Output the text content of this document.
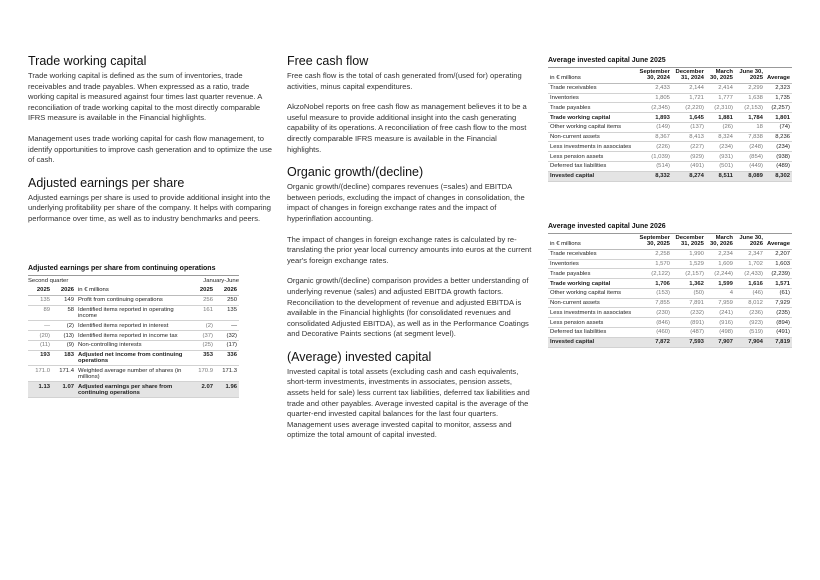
Trade working capital

Trade working capital is defined as the sum of inventories, trade receivables and trade payables. When expressed as a ratio, trade working capital is measured against four times last quarter revenue. A reconciliation of trade working capital to the most directly comparable IFRS measure is available in the Financial highlights.

Management uses trade working capital for cash flow management, to identify opportunities to improve cash generation and to optimize the use of cash.

Adjusted earnings per share

Adjusted earnings per share is used to provide additional insight into the underlying profitability per share of the company. It helps with comparing performance over time, as well as to industry benchmarks and peers.

Adjusted earnings per share from continuing operations
Second quarter			January-June	
2025	2026	in € millions	2025	2026
135	149	Profit from continuing operations	256	250
89	58	Identified items reported in operating income	161	135
—	(2)	Identified items reported in interest	(2)	—
(20)	(13)	Identified items reported in income tax	(37)	(32)
(11)	(9)	Non-controlling interests	(25)	(17)
193	183	Adjusted net income from continuing operations	353	336
171.0	171.4	Weighted average number of shares (in millions)	170.9	171.3
1.13	1.07	Adjusted earnings per share from continuing operations	2.07	1.96
Free cash flow

Free cash flow is the total of cash generated from/(used for) operating activities, minus capital expenditures.

AkzoNobel reports on free cash flow as management believes it to be a useful measure to provide additional insight into the cash generating capability of its operations. A reconciliation of free cash flow to the most directly comparable IFRS measure is available in the Financial highlights.

Organic growth/(decline)

Organic growth/(decline) compares revenues (=sales) and EBITDA between periods, excluding the impact of changes in consolidation, the impact of changes in foreign exchange rates and the impact of hyperinflation accounting.

The impact of changes in foreign exchange rates is calculated by re-translating the prior year local currency amounts into euros at the current year's foreign exchange rates.

Organic growth/(decline) comparison provides a better understanding of underlying revenue (sales) and adjusted EBITDA growth factors. Reconciliation to the development of revenue and adjusted EBITDA is available in the Financial highlights (for consolidated revenues and consolidated Adjusted EBITDA), as well as in the Performance Coatings and Decorative Paints sections (at segment level).

(Average) invested capital

Invested capital is total assets (excluding cash and cash equivalents, short-term investments, investments in associates, pension assets, assets held for sale) less current tax liabilities, deferred tax liabilities and trade and other payables. Average invested capital is the average of the quarter-end invested capital balances for the last four quarters. Management uses average invested capital to monitor, assess and optimize the total amount of capital invested.

Average invested capital June 2025
in € millions	September 30, 2024	December 31, 2024	March 30, 2025	June 30, 2025	Average
Trade receivables	2,433	2,144	2,414	2,299	2,323
Inventories	1,805	1,721	1,777	1,638	1,735
Trade payables	(2,345)	(2,220)	(2,310)	(2,153)	(2,257)
Trade working capital	1,893	1,645	1,881	1,784	1,801
Other working capital items	(149)	(137)	(26)	18	(74)
Non-current assets	8,367	8,413	8,324	7,838	8,236
Less investments in associates	(226)	(227)	(234)	(248)	(234)
Less pension assets	(1,039)	(929)	(931)	(854)	(938)
Deferred tax liabilities	(514)	(491)	(501)	(449)	(489)
Invested capital	8,332	8,274	8,511	8,089	8,302
Average invested capital June 2026
in € millions	September 30, 2025	December 31, 2025	March 30, 2026	June 30, 2026	Average
Trade receivables	2,258	1,990	2,234	2,347	2,207
Inventories	1,570	1,529	1,609	1,702	1,603
Trade payables	(2,122)	(2,157)	(2,244)	(2,433)	(2,239)
Trade working capital	1,706	1,362	1,599	1,616	1,571
Other working capital items	(153)	(50)	4	(46)	(61)
Non-current assets	7,855	7,891	7,959	8,012	7,929
Less investments in associates	(230)	(232)	(241)	(236)	(235)
Less pension assets	(846)	(891)	(916)	(923)	(894)
Deferred tax liabilities	(460)	(487)	(498)	(519)	(491)
Invested capital	7,872	7,593	7,907	7,904	7,819
